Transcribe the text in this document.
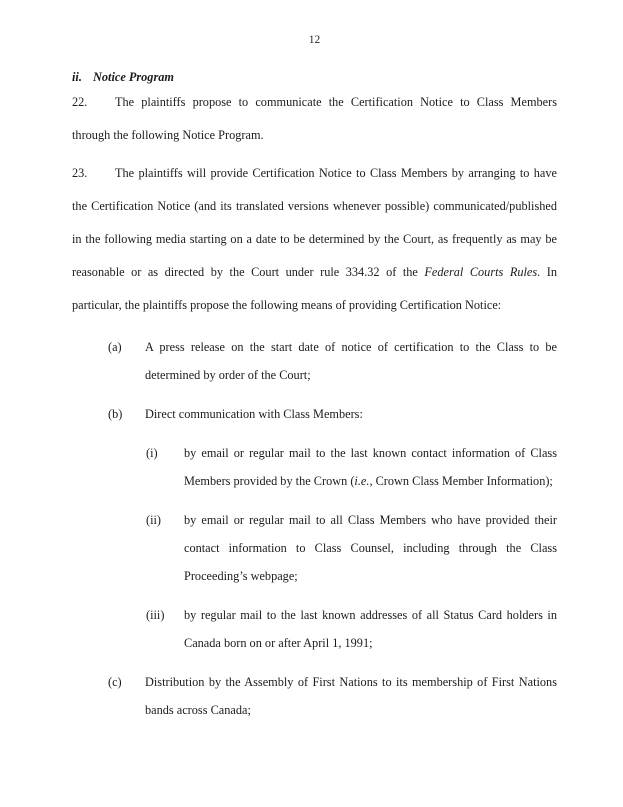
12
ii. Notice Program
22. The plaintiffs propose to communicate the Certification Notice to Class Members through the following Notice Program.
23. The plaintiffs will provide Certification Notice to Class Members by arranging to have the Certification Notice (and its translated versions whenever possible) communicated/published in the following media starting on a date to be determined by the Court, as frequently as may be reasonable or as directed by the Court under rule 334.32 of the Federal Courts Rules. In particular, the plaintiffs propose the following means of providing Certification Notice:
(a)	A press release on the start date of notice of certification to the Class to be determined by order of the Court;
(b)	Direct communication with Class Members:
(i)	by email or regular mail to the last known contact information of Class Members provided by the Crown (i.e., Crown Class Member Information);
(ii)	by email or regular mail to all Class Members who have provided their contact information to Class Counsel, including through the Class Proceeding’s webpage;
(iii)	by regular mail to the last known addresses of all Status Card holders in Canada born on or after April 1, 1991;
(c)	Distribution by the Assembly of First Nations to its membership of First Nations bands across Canada;
